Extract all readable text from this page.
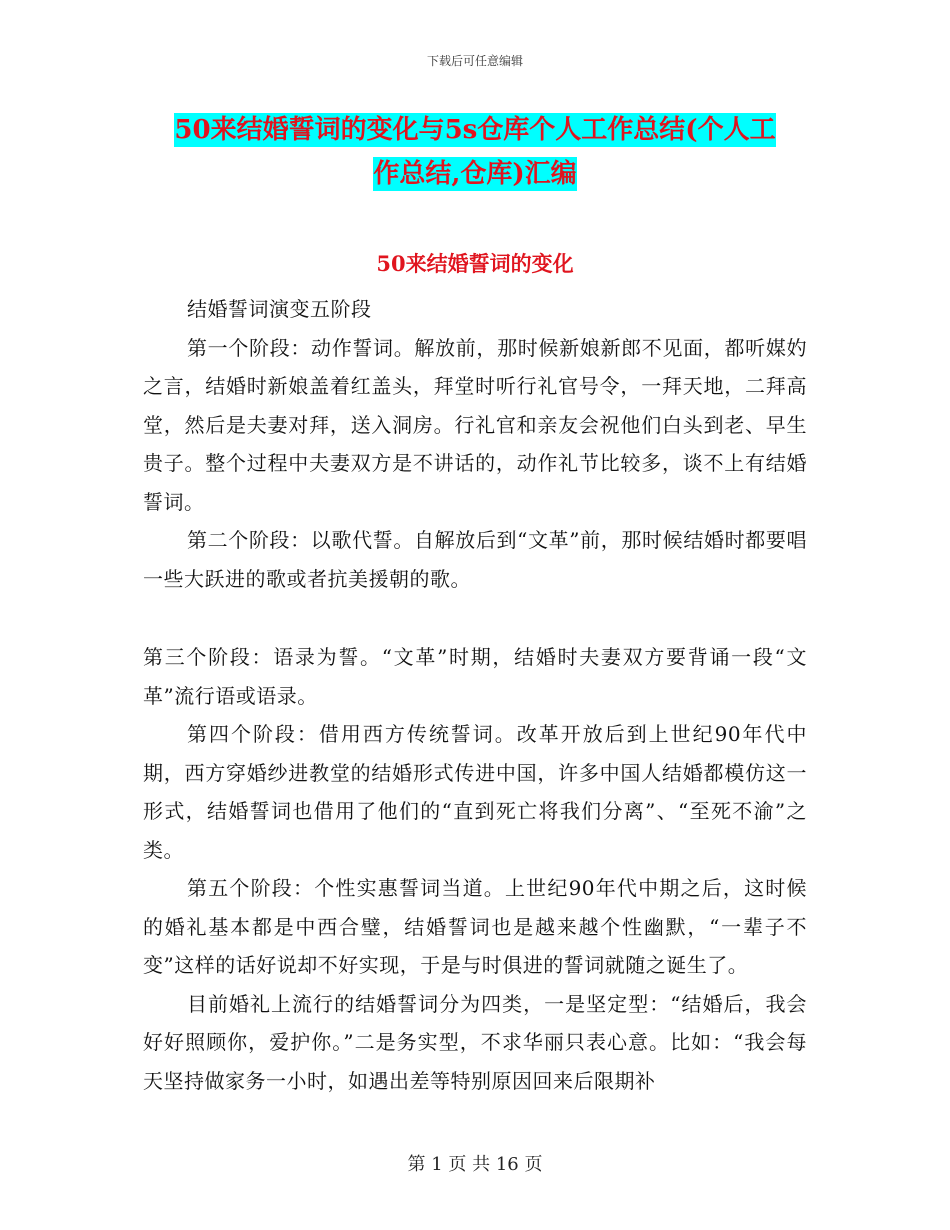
下载后可任意编辑
50来结婚誓词的变化与5s仓库个人工作总结(个人工
作总结,仓库)汇编
50来结婚誓词的变化

结婚誓词演变五阶段

第一个阶段：动作誓词。解放前，那时候新娘新郎不见面，都听媒妁之言，结婚时新娘盖着红盖头，拜堂时听行礼官号令，一拜天地，二拜高堂，然后是夫妻对拜，送入洞房。行礼官和亲友会祝他们白头到老、早生贵子。整个过程中夫妻双方是不讲话的，动作礼节比较多，谈不上有结婚誓词。

第二个阶段：以歌代誓。自解放后到“文革”前，那时候结婚时都要唱一些大跃进的歌或者抗美援朝的歌。

第三个阶段：语录为誓。“文革”时期，结婚时夫妻双方要背诵一段“文革”流行语或语录。

第四个阶段：借用西方传统誓词。改革开放后到上世纪90年代中期，西方穿婚纱进教堂的结婚形式传进中国，许多中国人结婚都模仿这一形式，结婚誓词也借用了他们的“直到死亡将我们分离”、“至死不渝”之类。

第五个阶段：个性实惠誓词当道。上世纪90年代中期之后，这时候的婚礼基本都是中西合璧，结婚誓词也是越来越个性幽默，“一辈子不变”这样的话好说却不好实现，于是与时俱进的誓词就随之诞生了。

目前婚礼上流行的结婚誓词分为四类，一是坚定型：“结婚后，我会好好照顾你，爱护你。”二是务实型，不求华丽只表心意。比如：“我会每天坚持做家务一小时，如遇出差等特别原因回来后限期补

第 1 页 共 16 页
